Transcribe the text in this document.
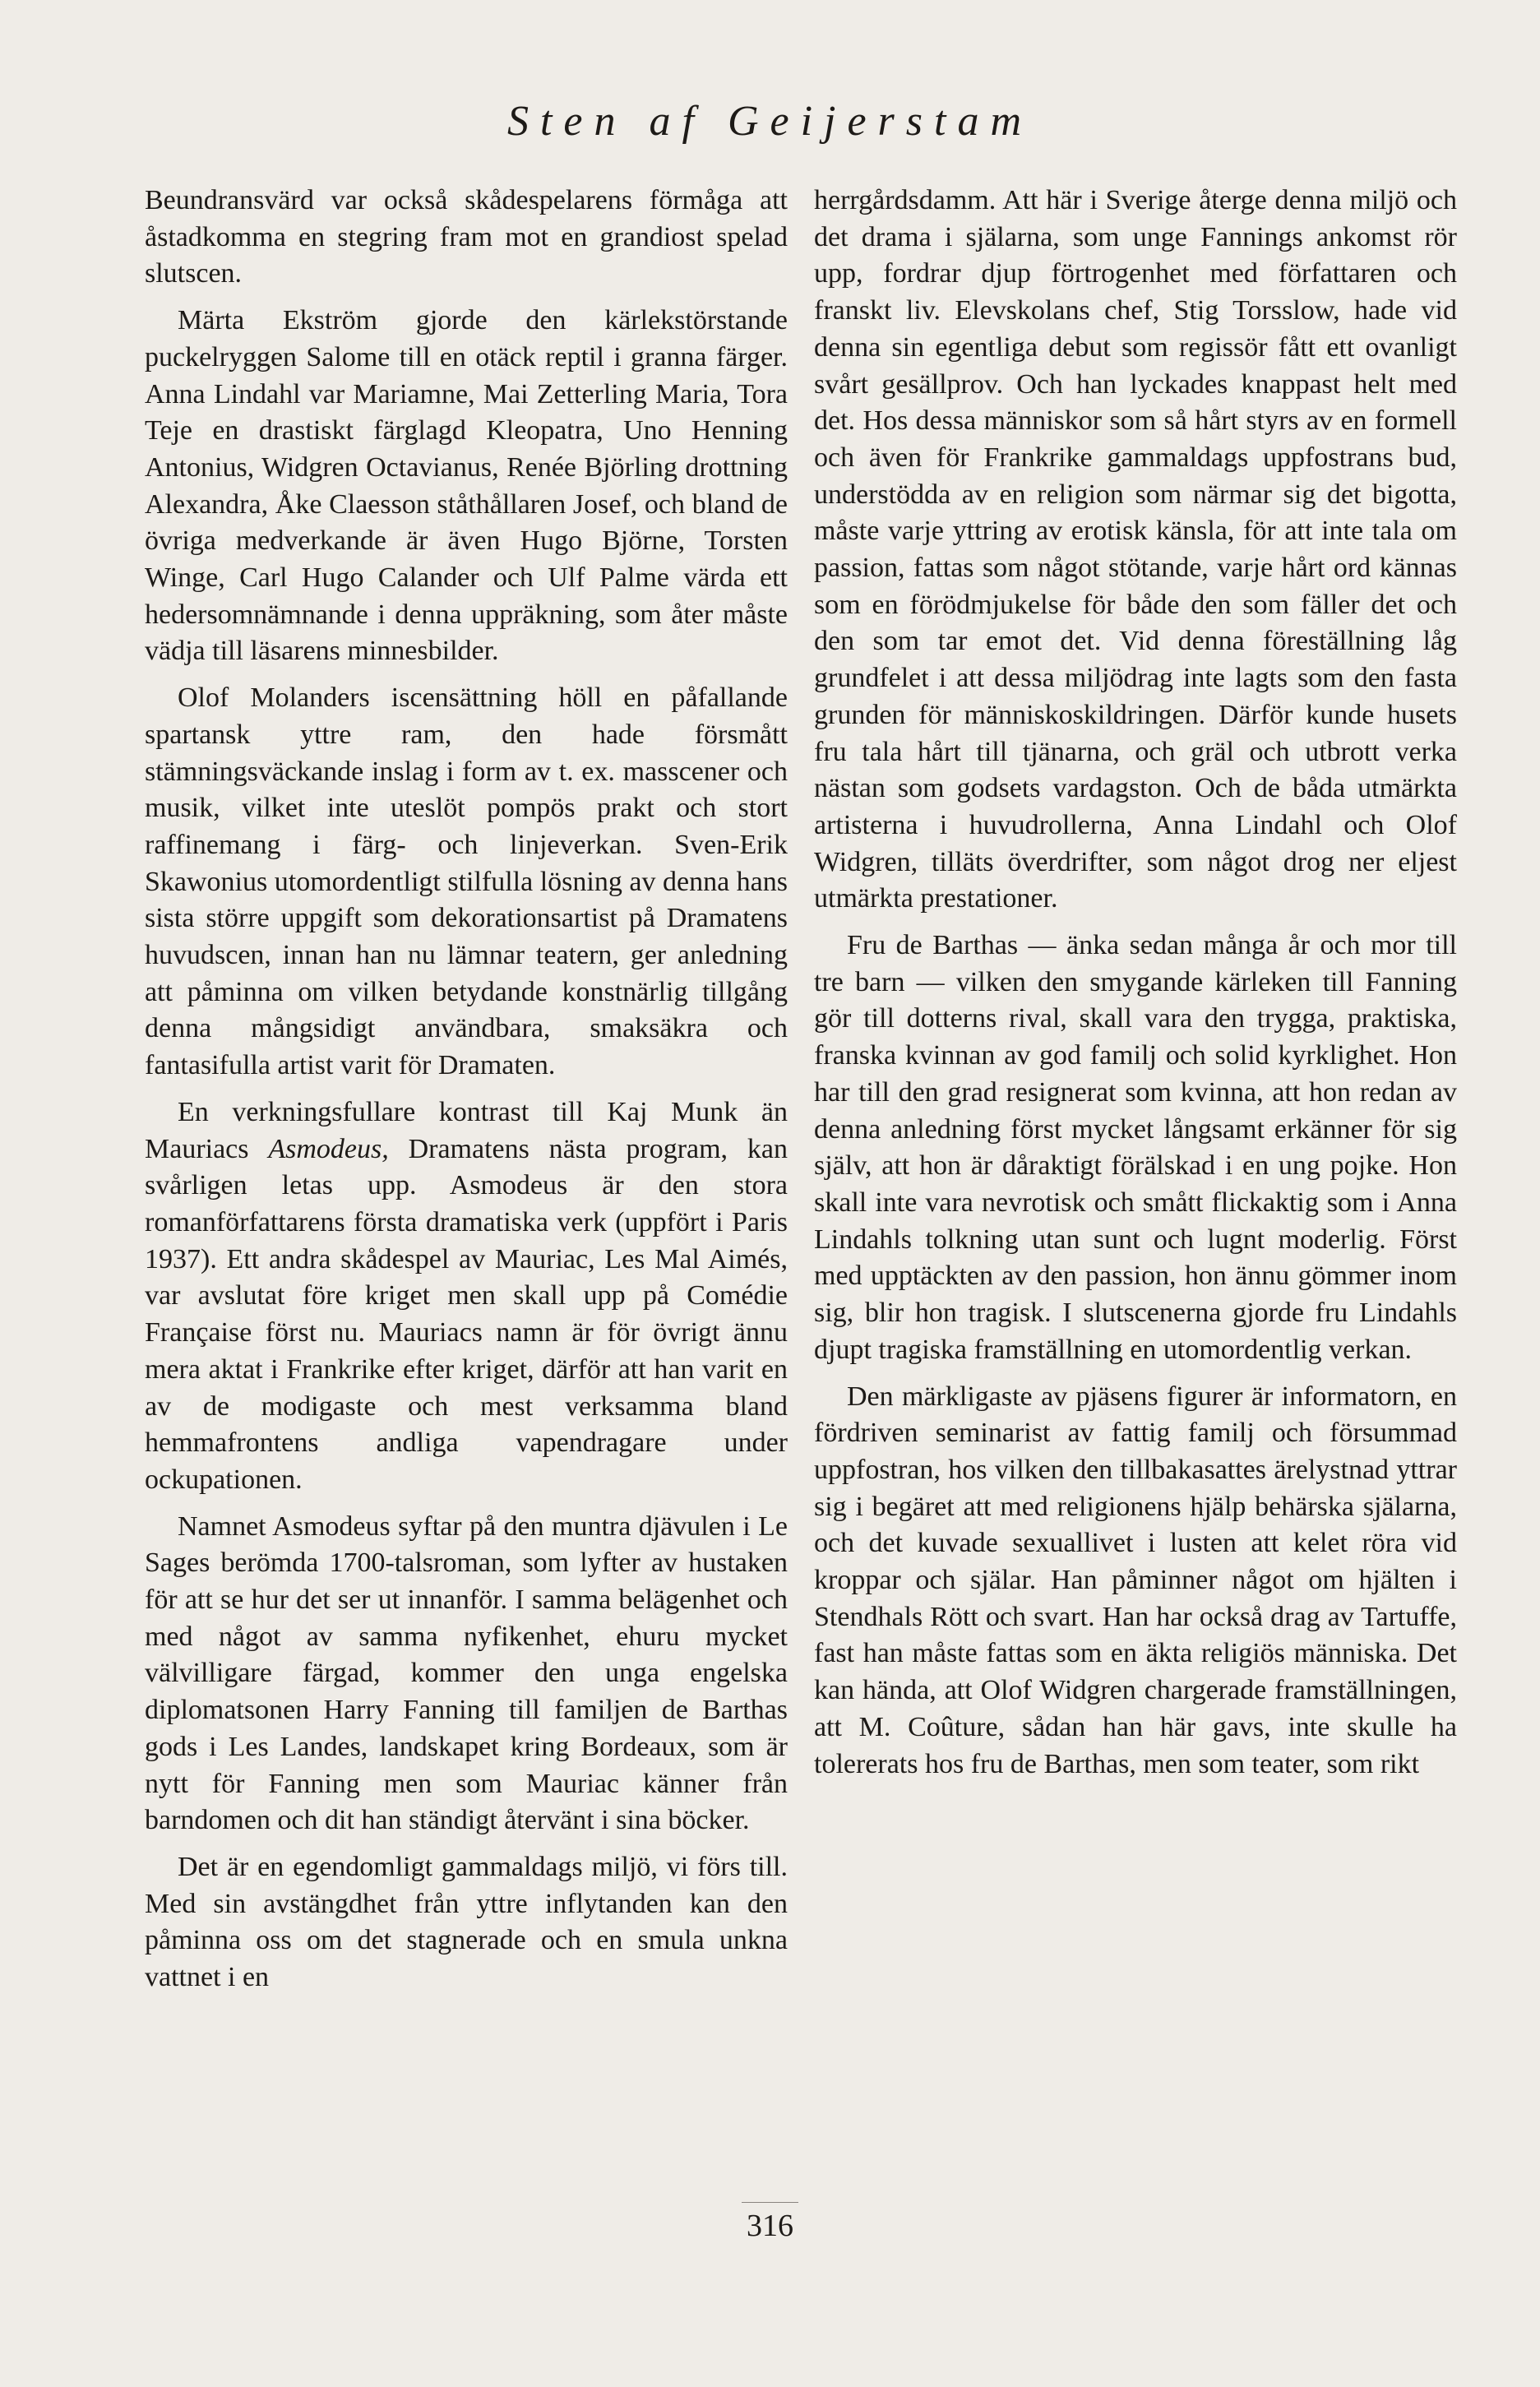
Sten af Geijerstam

Beundransvärd var också skådespelarens förmåga att åstadkomma en stegring fram mot en grandiost spelad slutscen.

Märta Ekström gjorde den kärlekstörstande puckelryggen Salome till en otäck reptil i granna färger. Anna Lindahl var Mariamne, Mai Zetterling Maria, Tora Teje en drastiskt färglagd Kleopatra, Uno Henning Antonius, Widgren Octavianus, Renée Björling drottning Alexandra, Åke Claesson ståthållaren Josef, och bland de övriga medverkande är även Hugo Björne, Torsten Winge, Carl Hugo Calander och Ulf Palme värda ett hedersomnämnande i denna uppräkning, som åter måste vädja till läsarens minnesbilder.

Olof Molanders iscensättning höll en påfallande spartansk yttre ram, den hade försmått stämningsväckande inslag i form av t. ex. masscener och musik, vilket inte uteslöt pompös prakt och stort raffinemang i färg- och linjeverkan. Sven-Erik Skawonius utomordentligt stilfulla lösning av denna hans sista större uppgift som dekorationsartist på Dramatens huvudscen, innan han nu lämnar teatern, ger anledning att påminna om vilken betydande konstnärlig tillgång denna mångsidigt användbara, smaksäkra och fantasifulla artist varit för Dramaten.

En verkningsfullare kontrast till Kaj Munk än Mauriacs Asmodeus, Dramatens nästa program, kan svårligen letas upp. Asmodeus är den stora romanförfattarens första dramatiska verk (uppfört i Paris 1937). Ett andra skådespel av Mauriac, Les Mal Aimés, var avslutat före kriget men skall upp på Comédie Française först nu. Mauriacs namn är för övrigt ännu mera aktat i Frankrike efter kriget, därför att han varit en av de modigaste och mest verksamma bland hemmafrontens andliga vapendragare under ockupationen.

Namnet Asmodeus syftar på den muntra djävulen i Le Sages berömda 1700-talsroman, som lyfter av hustaken för att se hur det ser ut innanför. I samma belägenhet och med något av samma nyfikenhet, ehuru mycket välvilligare färgad, kommer den unga engelska diplomatsonen Harry Fanning till familjen de Barthas gods i Les Landes, landskapet kring Bordeaux, som är nytt för Fanning men som Mauriac känner från barndomen och dit han ständigt återvänt i sina böcker.

Det är en egendomligt gammaldags miljö, vi förs till. Med sin avstängdhet från yttre inflytanden kan den påminna oss om det stagnerade och en smula unkna vattnet i en

herrgårdsdamm. Att här i Sverige återge denna miljö och det drama i själarna, som unge Fannings ankomst rör upp, fordrar djup förtrogenhet med författaren och franskt liv. Elevskolans chef, Stig Torsslow, hade vid denna sin egentliga debut som regissör fått ett ovanligt svårt gesällprov. Och han lyckades knappast helt med det. Hos dessa människor som så hårt styrs av en formell och även för Frankrike gammaldags uppfostrans bud, understödda av en religion som närmar sig det bigotta, måste varje yttring av erotisk känsla, för att inte tala om passion, fattas som något stötande, varje hårt ord kännas som en förödmjukelse för både den som fäller det och den som tar emot det. Vid denna föreställning låg grundfelet i att dessa miljödrag inte lagts som den fasta grunden för människoskildringen. Därför kunde husets fru tala hårt till tjänarna, och gräl och utbrott verka nästan som godsets vardagston. Och de båda utmärkta artisterna i huvudrollerna, Anna Lindahl och Olof Widgren, tilläts överdrifter, som något drog ner eljest utmärkta prestationer.

Fru de Barthas — änka sedan många år och mor till tre barn — vilken den smygande kärleken till Fanning gör till dotterns rival, skall vara den trygga, praktiska, franska kvinnan av god familj och solid kyrklighet. Hon har till den grad resignerat som kvinna, att hon redan av denna anledning först mycket långsamt erkänner för sig själv, att hon är dåraktigt förälskad i en ung pojke. Hon skall inte vara nevrotisk och smått flickaktig som i Anna Lindahls tolkning utan sunt och lugnt moderlig. Först med upptäckten av den passion, hon ännu gömmer inom sig, blir hon tragisk. I slutscenerna gjorde fru Lindahls djupt tragiska framställning en utomordentlig verkan.

Den märkligaste av pjäsens figurer är informatorn, en fördriven seminarist av fattig familj och försummad uppfostran, hos vilken den tillbakasattes ärelystnad yttrar sig i begäret att med religionens hjälp behärska själarna, och det kuvade sexuallivet i lusten att kelet röra vid kroppar och själar. Han påminner något om hjälten i Stendhals Rött och svart. Han har också drag av Tartuffe, fast han måste fattas som en äkta religiös människa. Det kan hända, att Olof Widgren chargerade framställningen, att M. Coûture, sådan han här gavs, inte skulle ha tolererats hos fru de Barthas, men som teater, som rikt

316
